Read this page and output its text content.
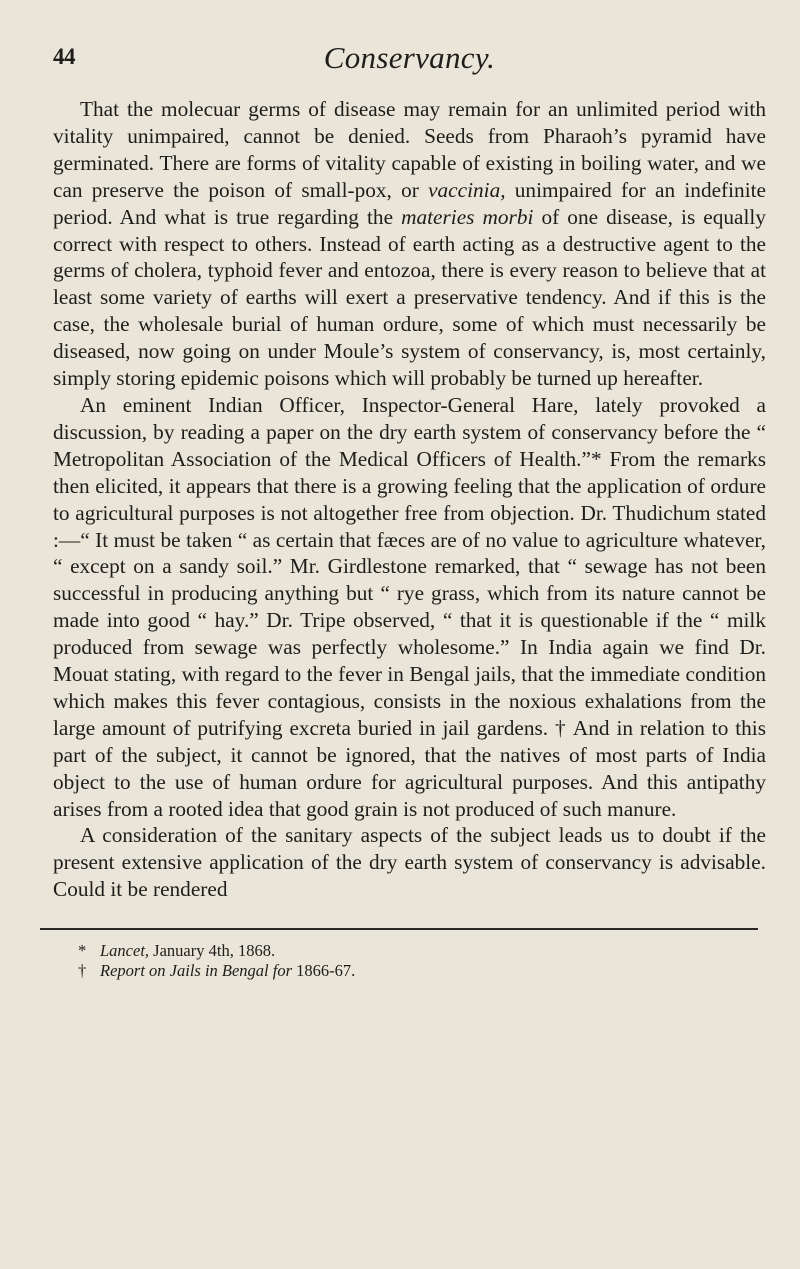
44	Conservancy.

That the molecuar germs of disease may remain for an unlimited period with vitality unimpaired, cannot be denied. Seeds from Pharaoh’s pyramid have germinated. There are forms of vitality capable of existing in boiling water, and we can preserve the poison of small-pox, or vaccinia, unimpaired for an indefinite period. And what is true regarding the materies morbi of one disease, is equally correct with respect to others. Instead of earth acting as a destructive agent to the germs of cholera, typhoid fever and entozoa, there is every reason to believe that at least some variety of earths will exert a preservative tendency. And if this is the case, the wholesale burial of human ordure, some of which must necessarily be diseased, now going on under Moule’s system of conservancy, is, most certainly, simply storing epidemic poisons which will probably be turned up hereafter.

An eminent Indian Officer, Inspector-General Hare, lately provoked a discussion, by reading a paper on the dry earth system of conservancy before the “ Metropolitan Association of the Medical Officers of Health.”* From the remarks then elicited, it appears that there is a growing feeling that the application of ordure to agricultural purposes is not altogether free from objection. Dr. Thudichum stated :—“ It must be taken “ as certain that fæces are of no value to agriculture whatever, “ except on a sandy soil.” Mr. Girdlestone remarked, that “ sewage has not been successful in producing anything but “ rye grass, which from its nature cannot be made into good “ hay.” Dr. Tripe observed, “ that it is questionable if the “ milk produced from sewage was perfectly wholesome.” In India again we find Dr. Mouat stating, with regard to the fever in Bengal jails, that the immediate condition which makes this fever contagious, consists in the noxious exhalations from the large amount of putrifying excreta buried in jail gardens. † And in relation to this part of the subject, it cannot be ignored, that the natives of most parts of India object to the use of human ordure for agricultural purposes. And this antipathy arises from a rooted idea that good grain is not produced of such manure.

A consideration of the sanitary aspects of the subject leads us to doubt if the present extensive application of the dry earth system of conservancy is advisable. Could it be rendered

* Lancet, January 4th, 1868.
† Report on Jails in Bengal for 1866-67.
